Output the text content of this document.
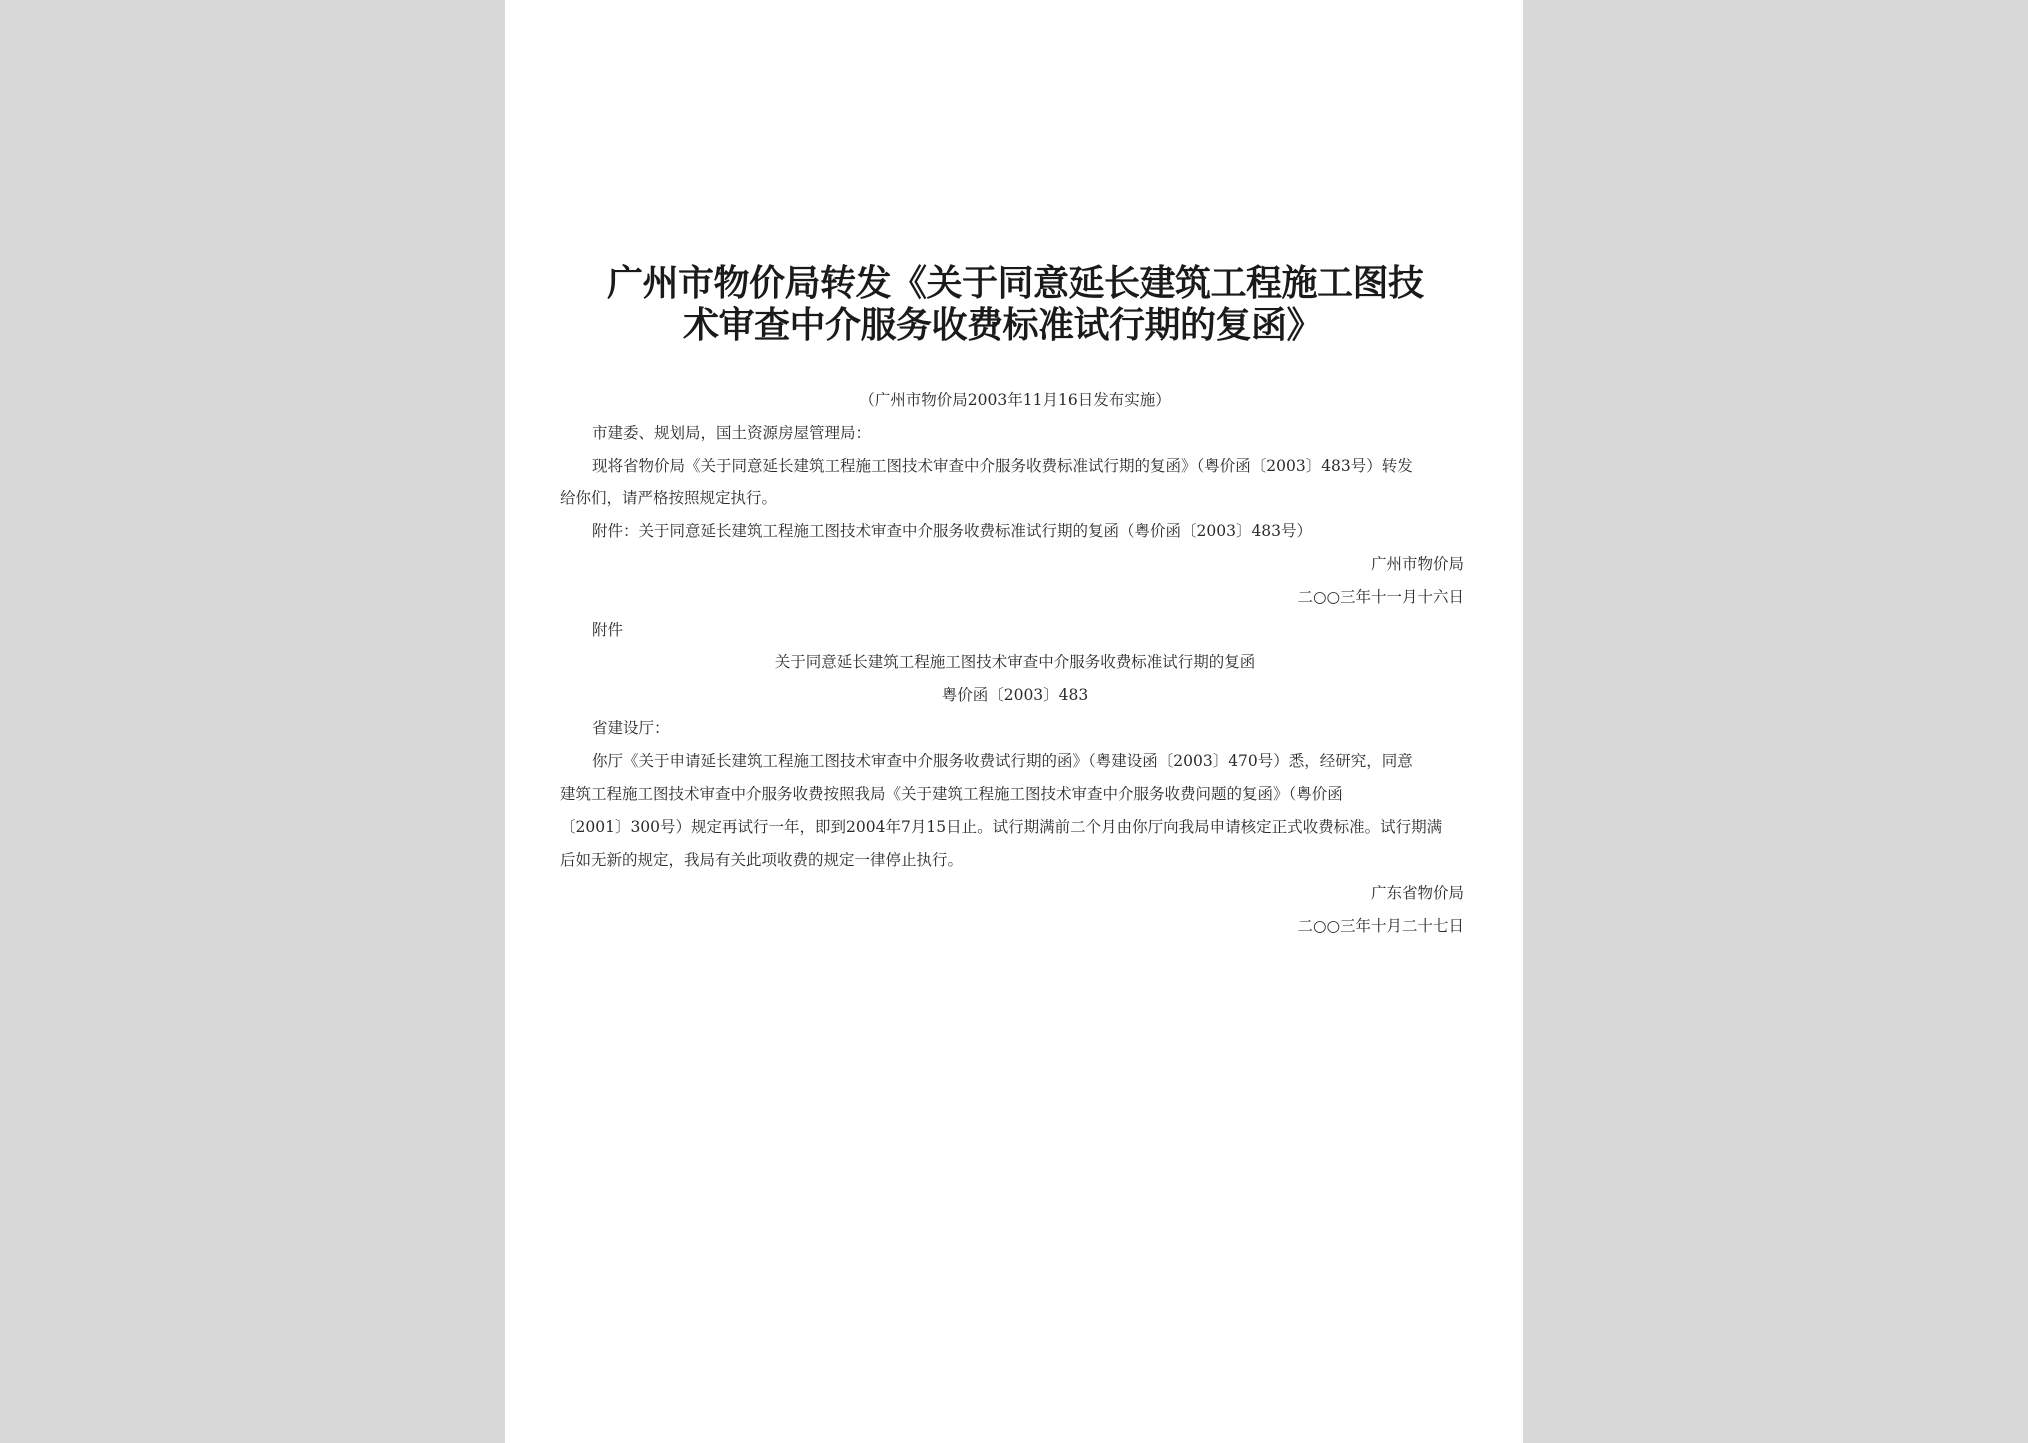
广州市物价局转发《关于同意延长建筑工程施工图技
术审查中介服务收费标准试行期的复函》
（广州市物价局2003年11月16日发布实施）
市建委、规划局，国土资源房屋管理局：
现将省物价局《关于同意延长建筑工程施工图技术审查中介服务收费标准试行期的复函》（粤价函〔2003〕483号）转发
给你们，请严格按照规定执行。
附件：关于同意延长建筑工程施工图技术审查中介服务收费标准试行期的复函（粤价函〔2003〕483号）
广州市物价局
二○○三年十一月十六日
附件
关于同意延长建筑工程施工图技术审查中介服务收费标准试行期的复函
粤价函〔2003〕483
省建设厅：
你厅《关于申请延长建筑工程施工图技术审查中介服务收费试行期的函》（粤建设函〔2003〕470号）悉，经研究，同意
建筑工程施工图技术审查中介服务收费按照我局《关于建筑工程施工图技术审查中介服务收费问题的复函》（粤价函
〔2001〕300号）规定再试行一年，即到2004年7月15日止。试行期满前二个月由你厅向我局申请核定正式收费标准。试行期满
后如无新的规定，我局有关此项收费的规定一律停止执行。
广东省物价局
二○○三年十月二十七日
